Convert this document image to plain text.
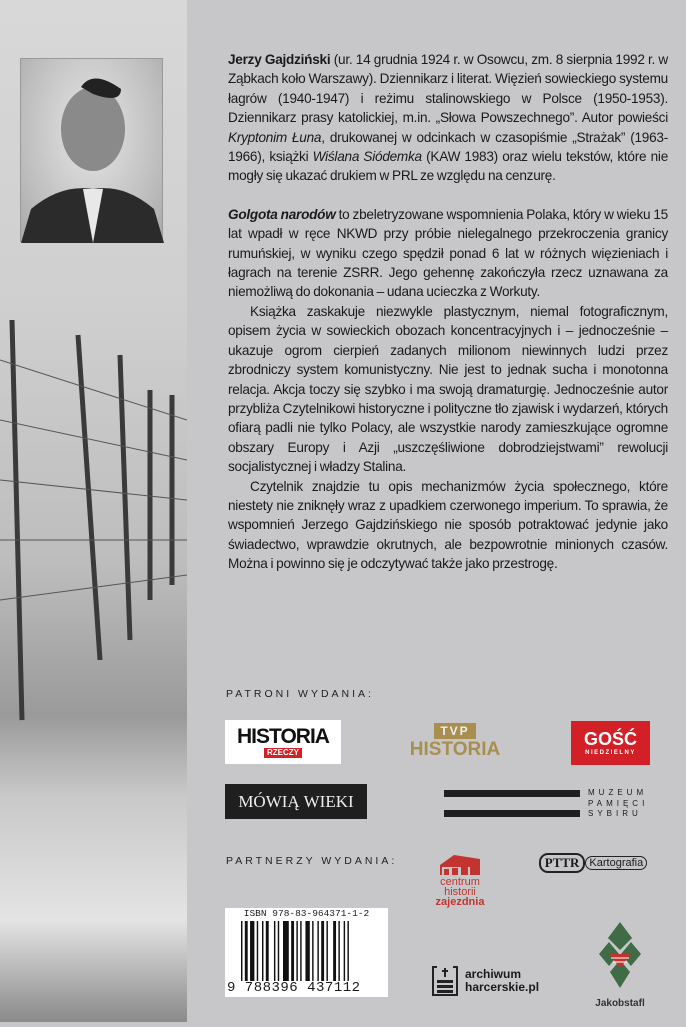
Jerzy Gajdziński (ur. 14 grudnia 1924 r. w Osowcu, zm. 8 sierpnia 1992 r. w Ząbkach koło Warszawy). Dziennikarz i literat. Więzień sowieckiego systemu łagrów (1940-1947) i reżimu stalinowskiego w Polsce (1950-1953). Dziennikarz prasy katolickiej, m.in. „Słowa Powszechnego”. Autor powieści Kryptonim Łuna, drukowanej w odcinkach w czasopiśmie „Strażak” (1963-1966), książki Wiślana Siódemka (KAW 1983) oraz wielu tekstów, które nie mogły się ukazać drukiem w PRL ze względu na cenzurę.

Golgota narodów to zbeletryzowane wspomnienia Polaka, który w wieku 15 lat wpadł w ręce NKWD przy próbie nielegalnego przekroczenia granicy rumuńskiej, w wyniku czego spędził ponad 6 lat w różnych więzieniach i łagrach na terenie ZSRR. Jego gehennę zakończyła rzecz uznawana za niemożliwą do dokonania – udana ucieczka z Workuty.

Książka zaskakuje niezwykle plastycznym, niemal fotograficznym, opisem życia w sowieckich obozach koncentracyjnych i – jednocześnie – ukazuje ogrom cierpień zadanych milionom niewinnych ludzi przez zbrodniczy system komunistyczny. Nie jest to jednak sucha i monotonna relacja. Akcja toczy się szybko i ma swoją dramaturgię. Jednocześnie autor przybliża Czytelnikowi historyczne i polityczne tło zjawisk i wydarzeń, których ofiarą padli nie tylko Polacy, ale wszystkie narody zamieszkujące ogromne obszary Europy i Azji „uszczęśliwione dobrodziejstwami” rewolucji socjalistycznej i władzy Stalina.

Czytelnik znajdzie tu opis mechanizmów życia społecznego, które niestety nie zniknęły wraz z upadkiem czerwonego imperium. To sprawia, że wspomnień Jerzego Gajdzińskiego nie sposób potraktować jedynie jako świadectwo, wprawdzie okrutnych, ale bezpowrotnie minionych czasów. Można i powinno się je odczytywać także jako przestrogę.

PATRONI WYDANIA:
HISTORIA
RZECZY
TVP
HISTORIA	GOŚĆ
NIEDZIELNY
MÓWIĄ WIEKI	MUZEUM
PAMIĘCI
SYBIRU
PARTNERZY WYDANIA:
centrum
historii
zajezdnia
PTTR Kartografia
ISBN 978-83-964371-1-2
9 788396 437112
archiwum
harcerskie.pl
Jakobstafl
